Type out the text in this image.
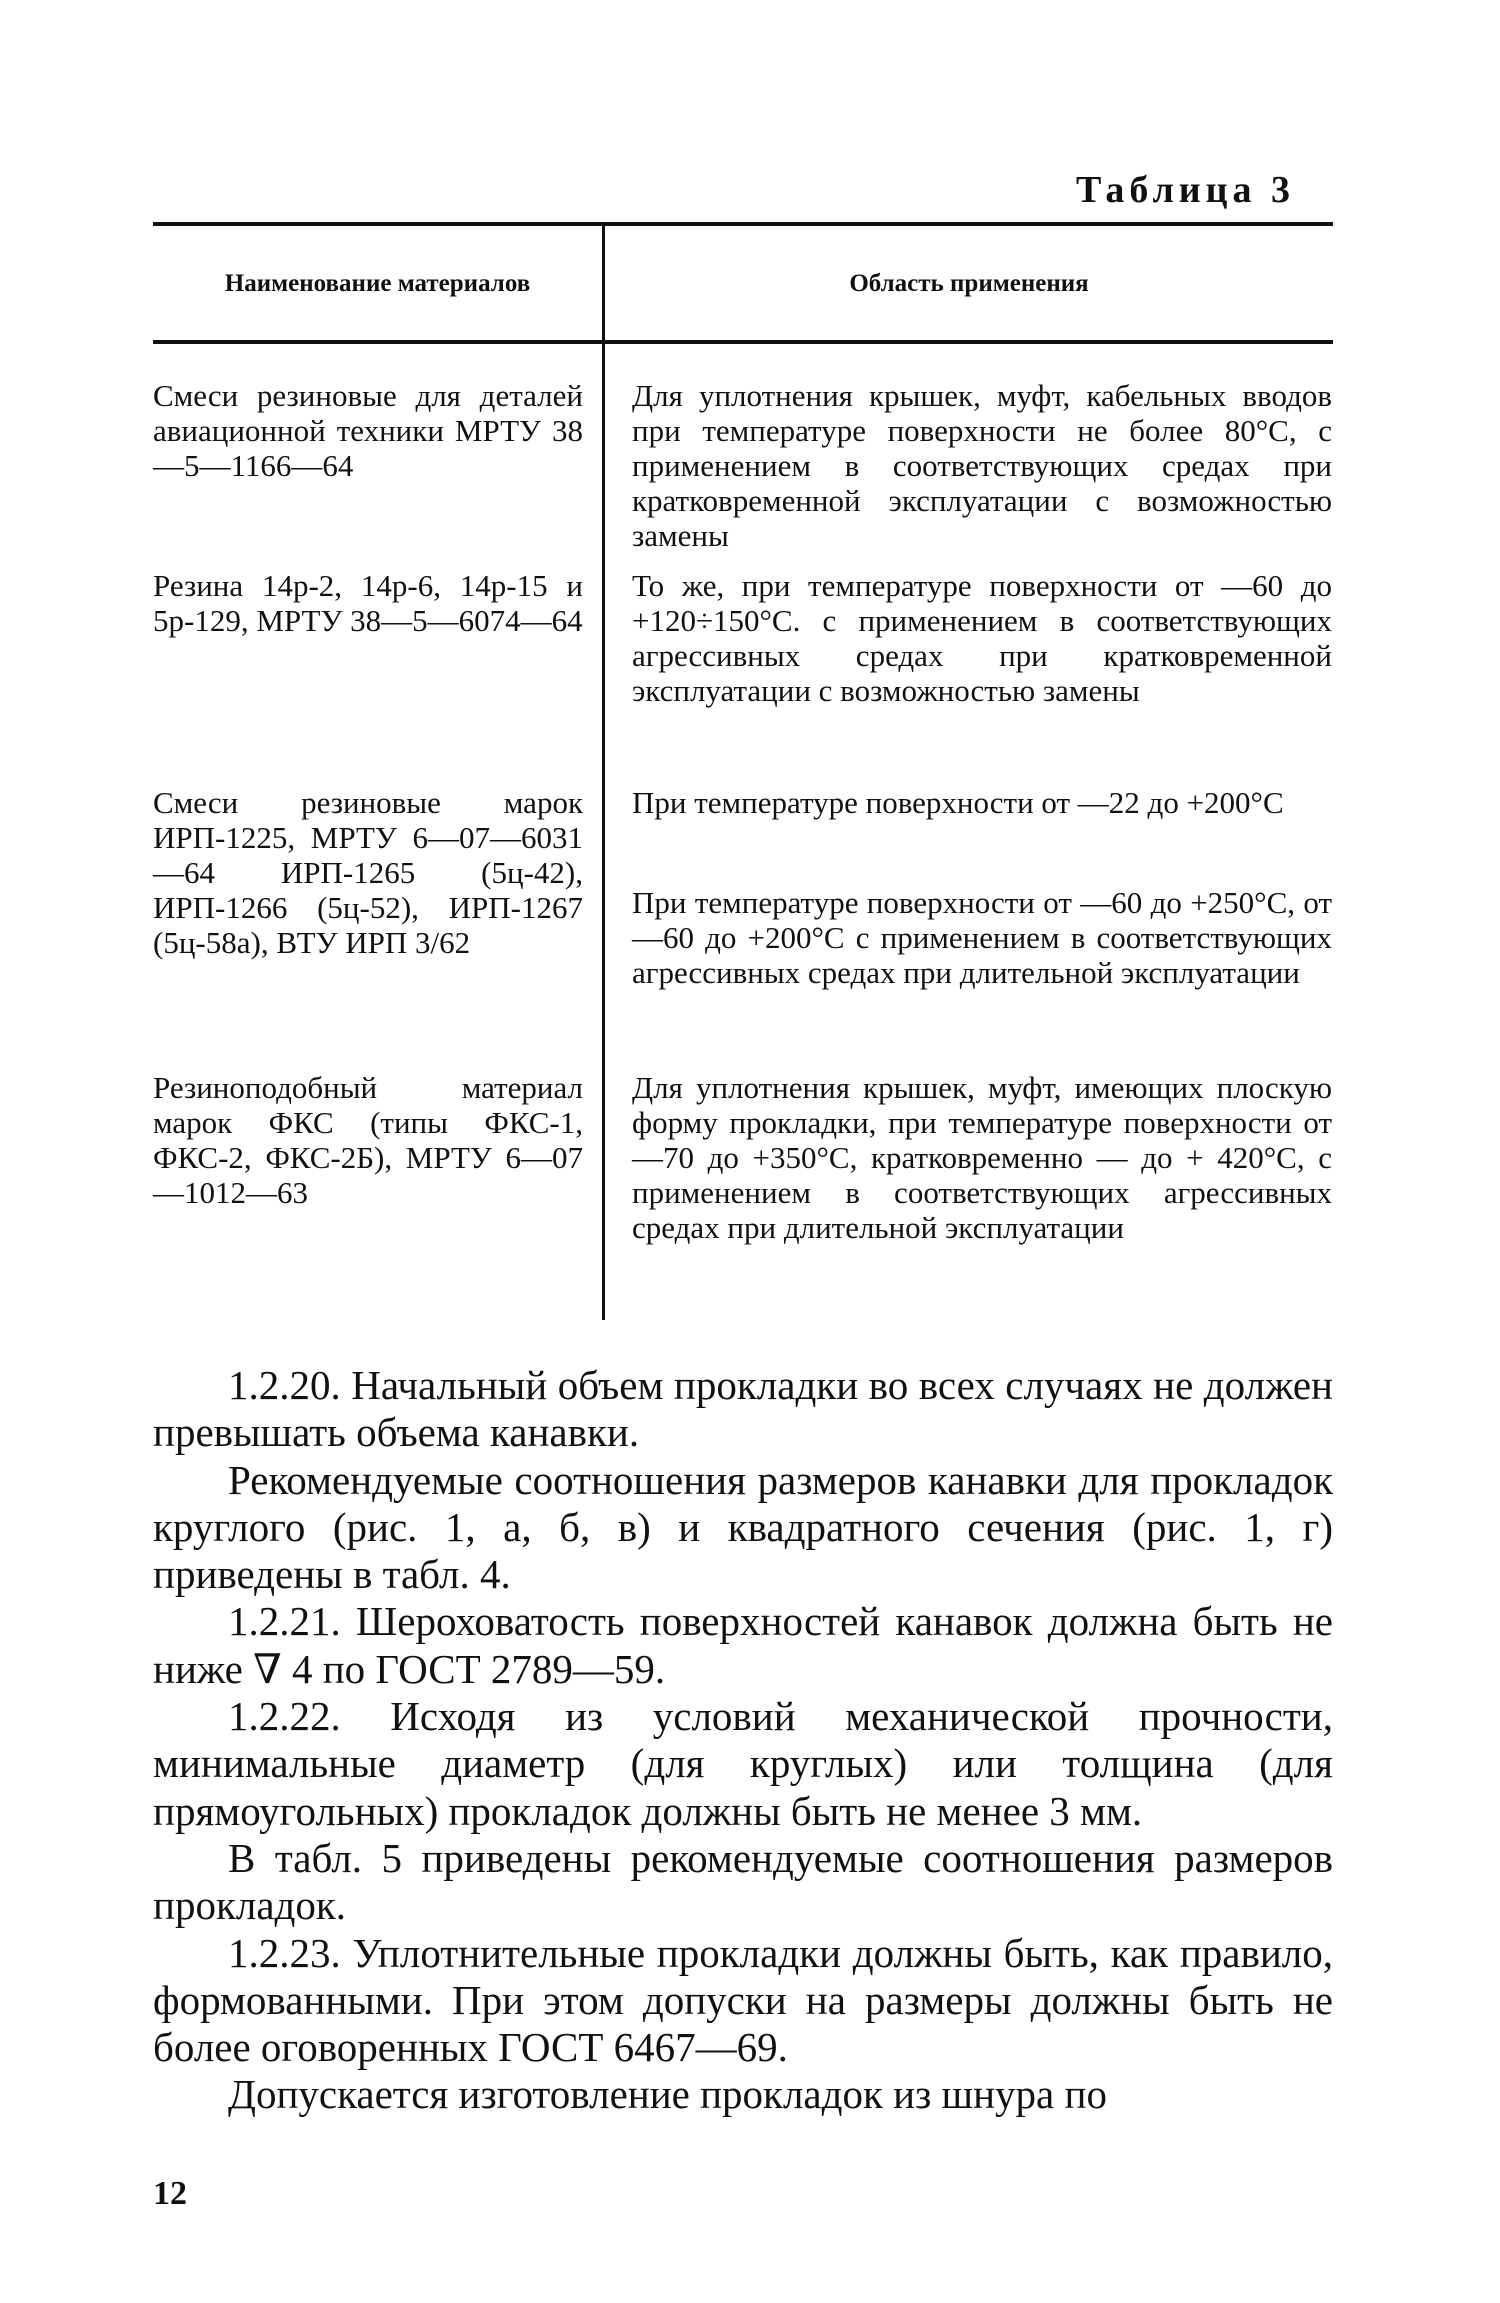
Таблица 3
Наименование материалов	Область применения

Смеси резиновые для деталей авиационной техники МРТУ 38—5—1166—64

Для уплотнения крышек, муфт, кабельных вводов при температуре поверхности не более 80°С, с применением в соответствующих средах при кратковременной эксплуатации с возможностью замены

Резина 14р-2, 14р-6, 14р-15 и 5р-129, МРТУ 38—5—6074—64

То же, при температуре поверхности от —60 до +120÷150°С. с применением в соответствующих агрессивных средах при кратковременной эксплуатации с возможностью замены

Смеси резиновые марок ИРП-1225, МРТУ 6—07—6031—64 ИРП-1265 (5ц-42), ИРП-1266 (5ц-52), ИРП-1267 (5ц-58а), ВТУ ИРП 3/62

При температуре поверхности от —22 до +200°С

При температуре поверхности от —60 до +250°С, от —60 до +200°С с применением в соответствующих агрессивных средах при длительной эксплуатации

Резиноподобный материал марок ФКС (типы ФКС-1, ФКС-2, ФКС-2Б), МРТУ 6—07—1012—63

Для уплотнения крышек, муфт, имеющих плоскую форму прокладки, при температуре поверхности от —70 до +350°С, кратковременно — до + 420°С, с применением в соответствующих агрессивных средах при длительной эксплуатации

1.2.20. Начальный объем прокладки во всех случаях не должен превышать объема канавки.

Рекомендуемые соотношения размеров канавки для прокладок круглого (рис. 1, а, б, в) и квадратного сечения (рис. 1, г) приведены в табл. 4.

1.2.21. Шероховатость поверхностей канавок должна быть не ниже ∇ 4 по ГОСТ 2789—59.

1.2.22. Исходя из условий механической прочности, минимальные диаметр (для круглых) или толщина (для прямоугольных) прокладок должны быть не менее 3 мм.

В табл. 5 приведены рекомендуемые соотношения размеров прокладок.

1.2.23. Уплотнительные прокладки должны быть, как правило, формованными. При этом допуски на размеры должны быть не более оговоренных ГОСТ 6467—69.

Допускается изготовление прокладок из шнура по

12
